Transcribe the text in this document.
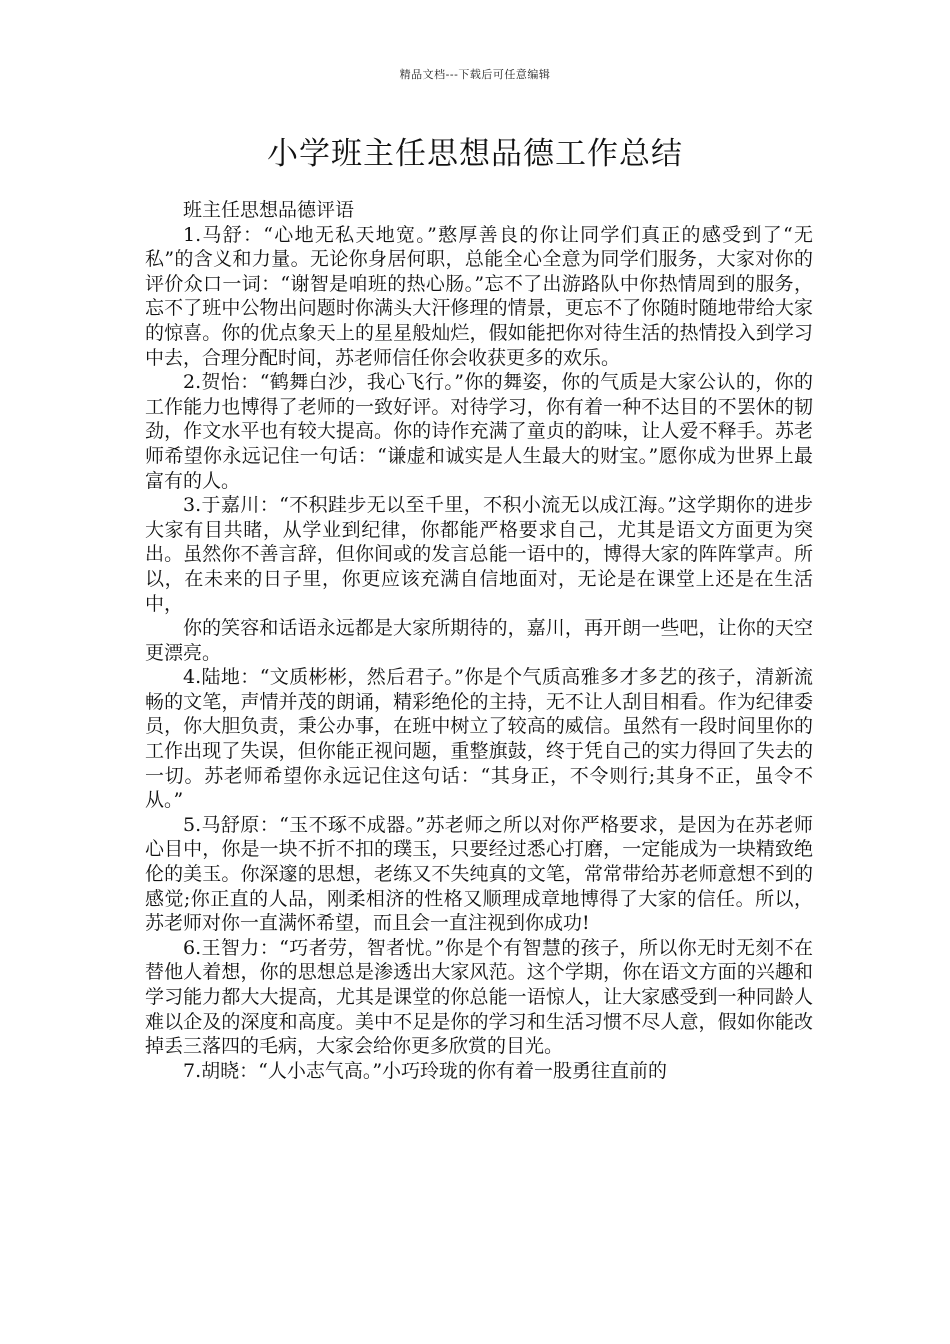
精品文档---下载后可任意编辑
小学班主任思想品德工作总结

班主任思想品德评语

1.马舒：“心地无私天地宽。”憨厚善良的你让同学们真正的感受到了“无私”的含义和力量。无论你身居何职，总能全心全意为同学们服务，大家对你的评价众口一词：“谢智是咱班的热心肠。”忘不了出游路队中你热情周到的服务，忘不了班中公物出问题时你满头大汗修理的情景，更忘不了你随时随地带给大家的惊喜。你的优点象天上的星星般灿烂，假如能把你对待生活的热情投入到学习中去，合理分配时间，苏老师信任你会收获更多的欢乐。

2.贺怡：“鹤舞白沙，我心飞行。”你的舞姿，你的气质是大家公认的，你的工作能力也博得了老师的一致好评。对待学习，你有着一种不达目的不罢休的韧劲，作文水平也有较大提高。你的诗作充满了童贞的韵味，让人爱不释手。苏老师希望你永远记住一句话：“谦虚和诚实是人生最大的财宝。”愿你成为世界上最富有的人。

3.于嘉川：“不积跬步无以至千里，不积小流无以成江海。”这学期你的进步大家有目共睹，从学业到纪律，你都能严格要求自己，尤其是语文方面更为突出。虽然你不善言辞，但你间或的发言总能一语中的，博得大家的阵阵掌声。所以，在未来的日子里，你更应该充满自信地面对，无论是在课堂上还是在生活中，

你的笑容和话语永远都是大家所期待的，嘉川，再开朗一些吧，让你的天空更漂亮。

4.陆地：“文质彬彬，然后君子。”你是个气质高雅多才多艺的孩子，清新流畅的文笔，声情并茂的朗诵，精彩绝伦的主持，无不让人刮目相看。作为纪律委员，你大胆负责，秉公办事，在班中树立了较高的威信。虽然有一段时间里你的工作出现了失误，但你能正视问题，重整旗鼓，终于凭自己的实力得回了失去的一切。苏老师希望你永远记住这句话：“其身正，不令则行;其身不正，虽令不从。”

5.马舒原：“玉不琢不成器。”苏老师之所以对你严格要求，是因为在苏老师心目中，你是一块不折不扣的璞玉，只要经过悉心打磨，一定能成为一块精致绝伦的美玉。你深邃的思想，老练又不失纯真的文笔，常常带给苏老师意想不到的感觉;你正直的人品，刚柔相济的性格又顺理成章地博得了大家的信任。所以，苏老师对你一直满怀希望，而且会一直注视到你成功!

6.王智力：“巧者劳，智者忧。”你是个有智慧的孩子，所以你无时无刻不在替他人着想，你的思想总是渗透出大家风范。这个学期，你在语文方面的兴趣和学习能力都大大提高，尤其是课堂的你总能一语惊人，让大家感受到一种同龄人难以企及的深度和高度。美中不足是你的学习和生活习惯不尽人意，假如你能改掉丢三落四的毛病，大家会给你更多欣赏的目光。

7.胡晓：“人小志气高。”小巧玲珑的你有着一股勇往直前的
